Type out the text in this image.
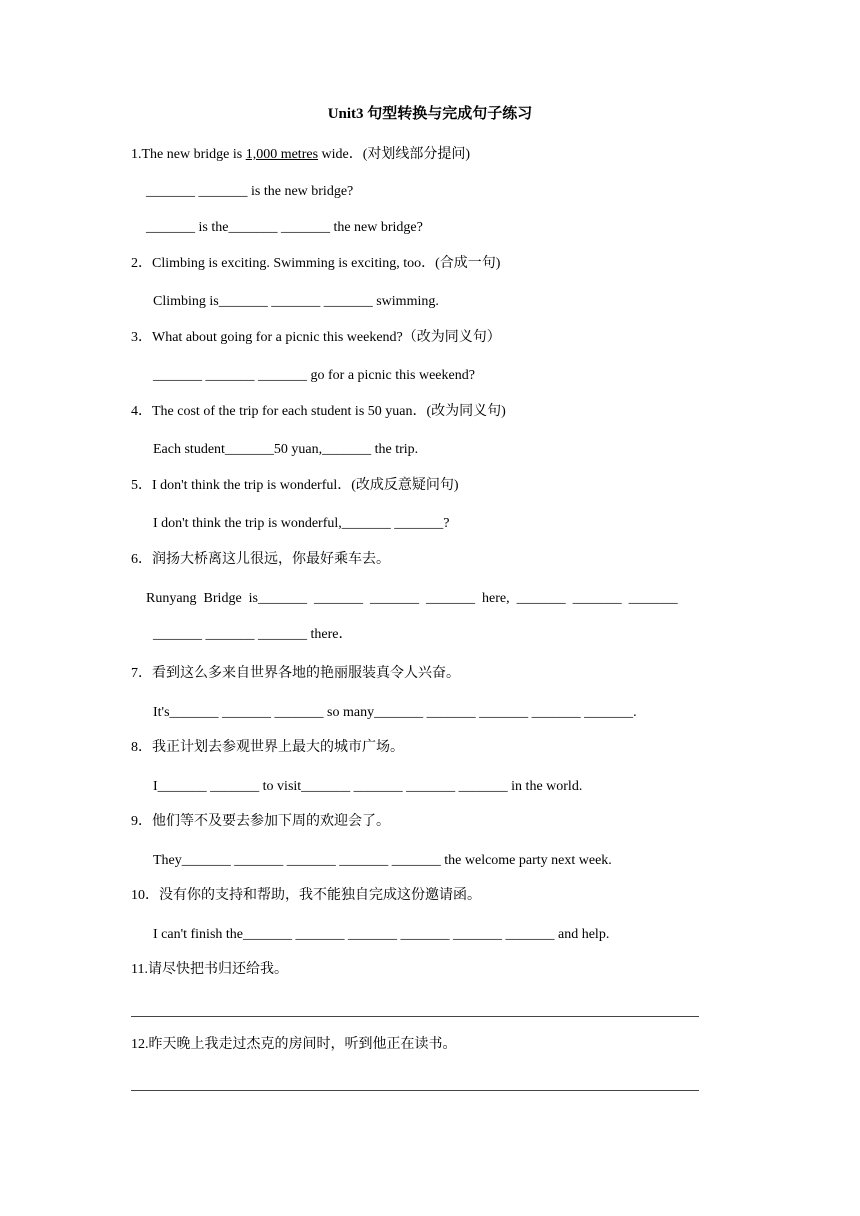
Unit3 句型转换与完成句子练习
1.The new bridge is 1,000 metres wide．(对划线部分提问)
_______ _______ is the new bridge?
_______ is the_______ _______ the new bridge?
2．Climbing is exciting. Swimming is exciting, too．(合成一句)
Climbing is_______ _______ _______ swimming.
3．What about going for a picnic this weekend?（改为同义句）
_______ _______ _______ go for a picnic this weekend?
4．The cost of the trip for each student is 50 yuan．(改为同义句)
Each student_______50 yuan,_______ the trip.
5．I don't think the trip is wonderful．(改成反意疑问句)
I don't think the trip is wonderful,_______ _______?
6．润扬大桥离这儿很远，你最好乘车去。
Runyang  Bridge  is_______  _______  _______  _______  here,  _______  _______  _______
_______ _______ _______ there．
7．看到这么多来自世界各地的艳丽服装真令人兴奋。
It's_______ _______ _______ so many_______ _______ _______ _______ _______.
8．我正计划去参观世界上最大的城市广场。
I_______ _______ to visit_______ _______ _______ _______ in the world.
9．他们等不及要去参加下周的欢迎会了。
They_______ _______ _______ _______ _______ the welcome party next week.
10．没有你的支持和帮助，我不能独自完成这份邀请函。
I can't finish the_______ _______ _______ _______ _______ _______ and help.
11.请尽快把书归还给我。
12.昨天晚上我走过杰克的房间时，听到他正在读书。
